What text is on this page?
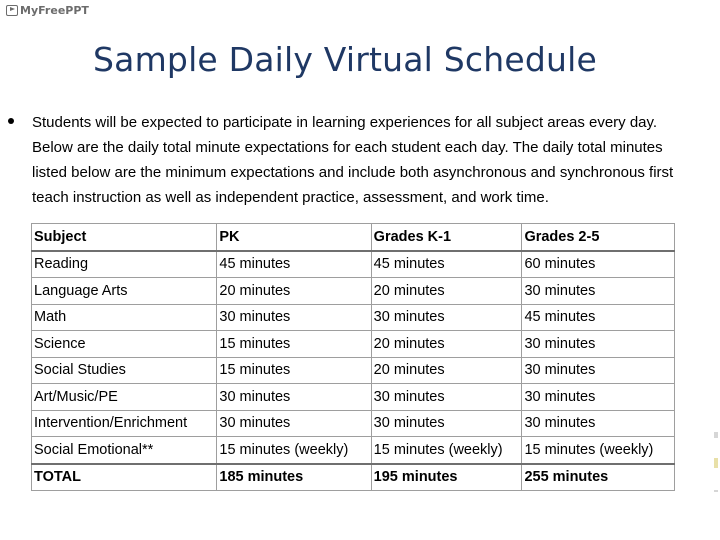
MyFreePPT
Sample Daily Virtual Schedule
Students will be expected to participate in learning experiences for all subject areas every day. Below are the daily total minute expectations for each student each day. The daily total minutes listed below are the minimum expectations and include both asynchronous and synchronous first teach instruction as well as independent practice, assessment, and work time.
Subject	PK	Grades K-1	Grades 2-5
Reading	45 minutes	45 minutes	60 minutes
Language Arts	20 minutes	20 minutes	30 minutes
Math	30 minutes	30 minutes	45 minutes
Science	15 minutes	20 minutes	30 minutes
Social Studies	15 minutes	20 minutes	30 minutes
Art/Music/PE	30 minutes	30 minutes	30 minutes
Intervention/Enrichment	30 minutes	30 minutes	30 minutes
Social Emotional**	15 minutes (weekly)	15 minutes (weekly)	15 minutes (weekly)
TOTAL	185 minutes	195 minutes	255 minutes
